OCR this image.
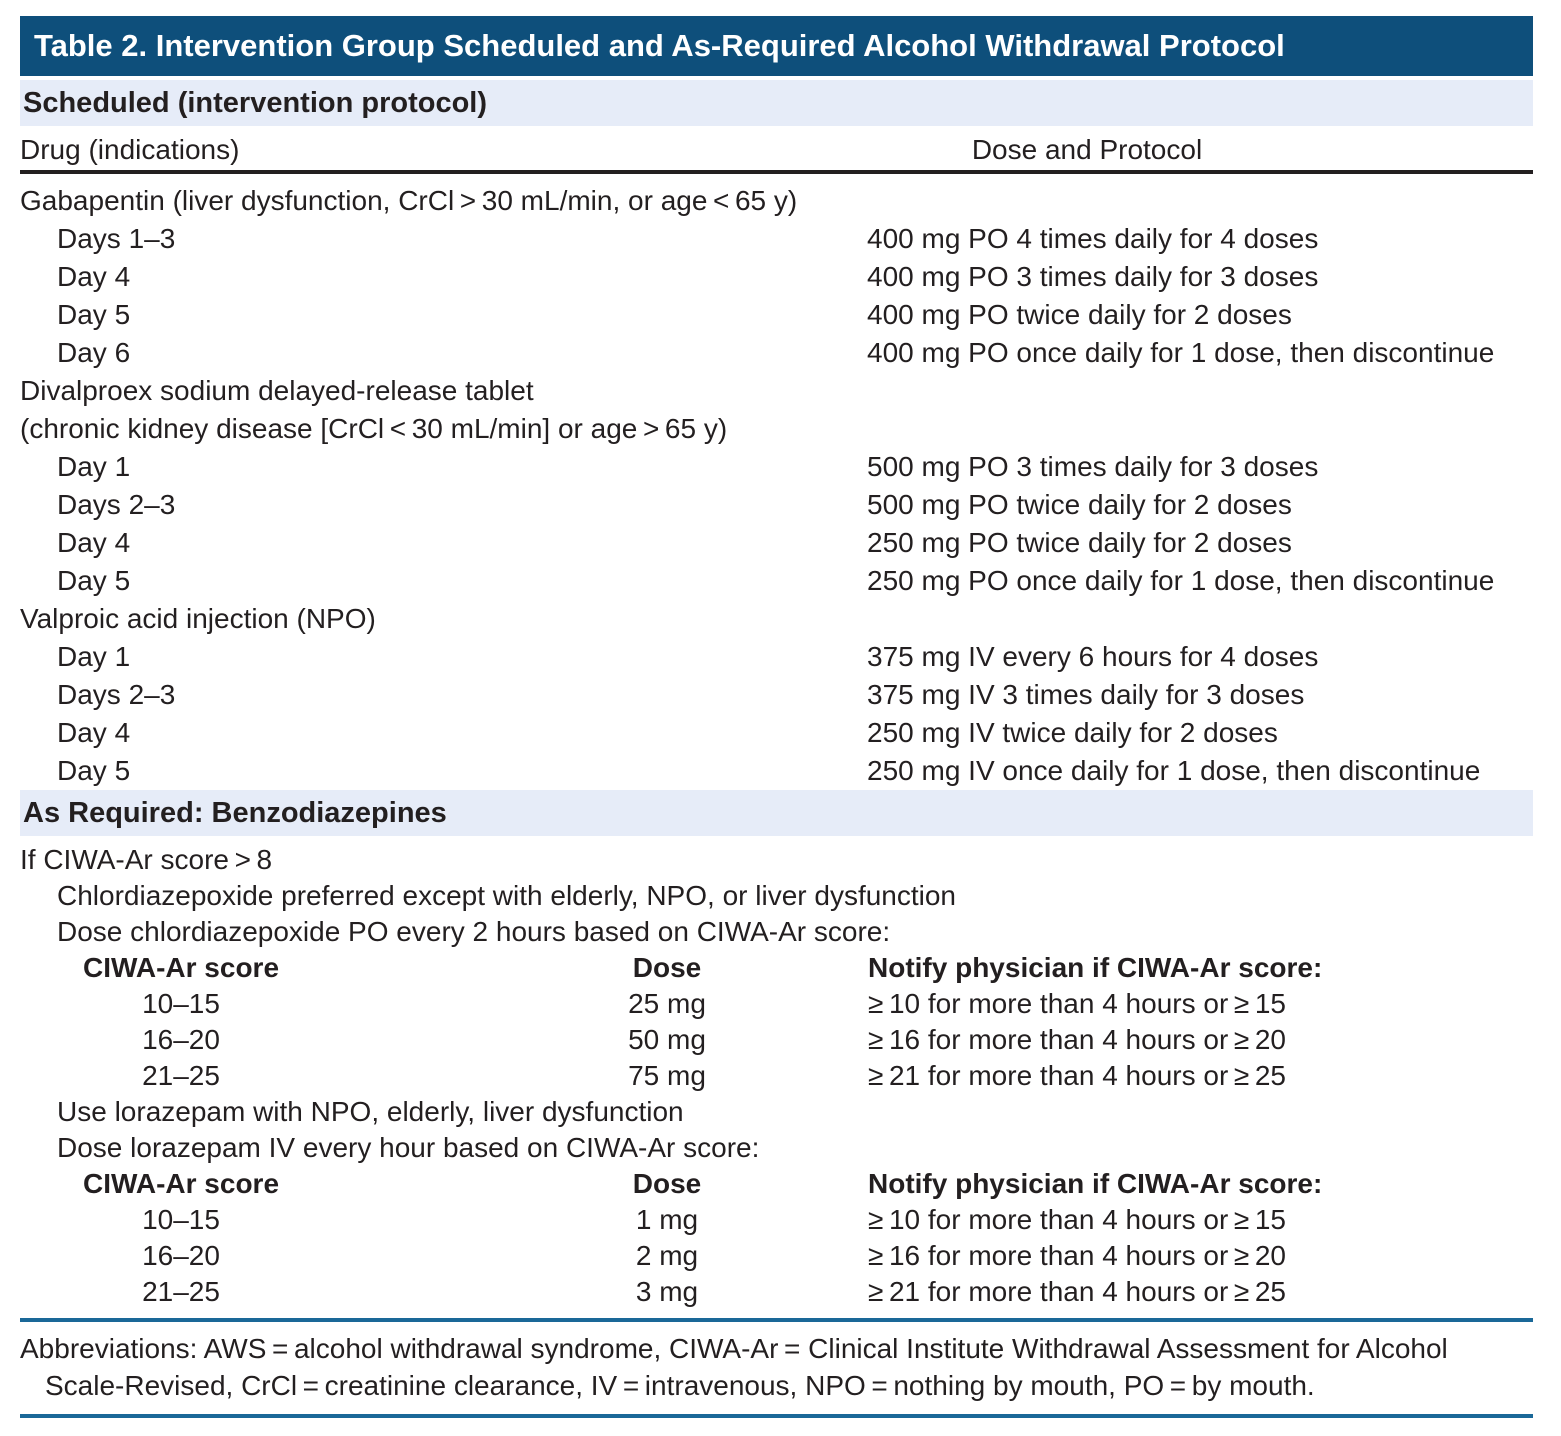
Table 2. Intervention Group Scheduled and As-Required Alcohol Withdrawal Protocol
Scheduled (intervention protocol)
Drug (indications)	Dose and Protocol
Gabapentin (liver dysfunction, CrCl > 30 mL/min, or age < 65 y)
Days 1–3	400 mg PO 4 times daily for 4 doses
Day 4	400 mg PO 3 times daily for 3 doses
Day 5	400 mg PO twice daily for 2 doses
Day 6	400 mg PO once daily for 1 dose, then discontinue
Divalproex sodium delayed-release tablet
(chronic kidney disease [CrCl < 30 mL/min] or age > 65 y)
Day 1	500 mg PO 3 times daily for 3 doses
Days 2–3	500 mg PO twice daily for 2 doses
Day 4	250 mg PO twice daily for 2 doses
Day 5	250 mg PO once daily for 1 dose, then discontinue
Valproic acid injection (NPO)
Day 1	375 mg IV every 6 hours for 4 doses
Days 2–3	375 mg IV 3 times daily for 3 doses
Day 4	250 mg IV twice daily for 2 doses
Day 5	250 mg IV once daily for 1 dose, then discontinue
As Required: Benzodiazepines
If CIWA-Ar score > 8
Chlordiazepoxide preferred except with elderly, NPO, or liver dysfunction
Dose chlordiazepoxide PO every 2 hours based on CIWA-Ar score:
CIWA-Ar score	Dose	Notify physician if CIWA-Ar score:
10–15	25 mg	≥ 10 for more than 4 hours or ≥ 15
16–20	50 mg	≥ 16 for more than 4 hours or ≥ 20
21–25	75 mg	≥ 21 for more than 4 hours or ≥ 25
Use lorazepam with NPO, elderly, liver dysfunction
Dose lorazepam IV every hour based on CIWA-Ar score:
CIWA-Ar score	Dose	Notify physician if CIWA-Ar score:
10–15	1 mg	≥ 10 for more than 4 hours or ≥ 15
16–20	2 mg	≥ 16 for more than 4 hours or ≥ 20
21–25	3 mg	≥ 21 for more than 4 hours or ≥ 25

Abbreviations: AWS = alcohol withdrawal syndrome, CIWA-Ar = Clinical Institute Withdrawal Assessment for Alcohol Scale-Revised, CrCl = creatinine clearance, IV = intravenous, NPO = nothing by mouth, PO = by mouth.
